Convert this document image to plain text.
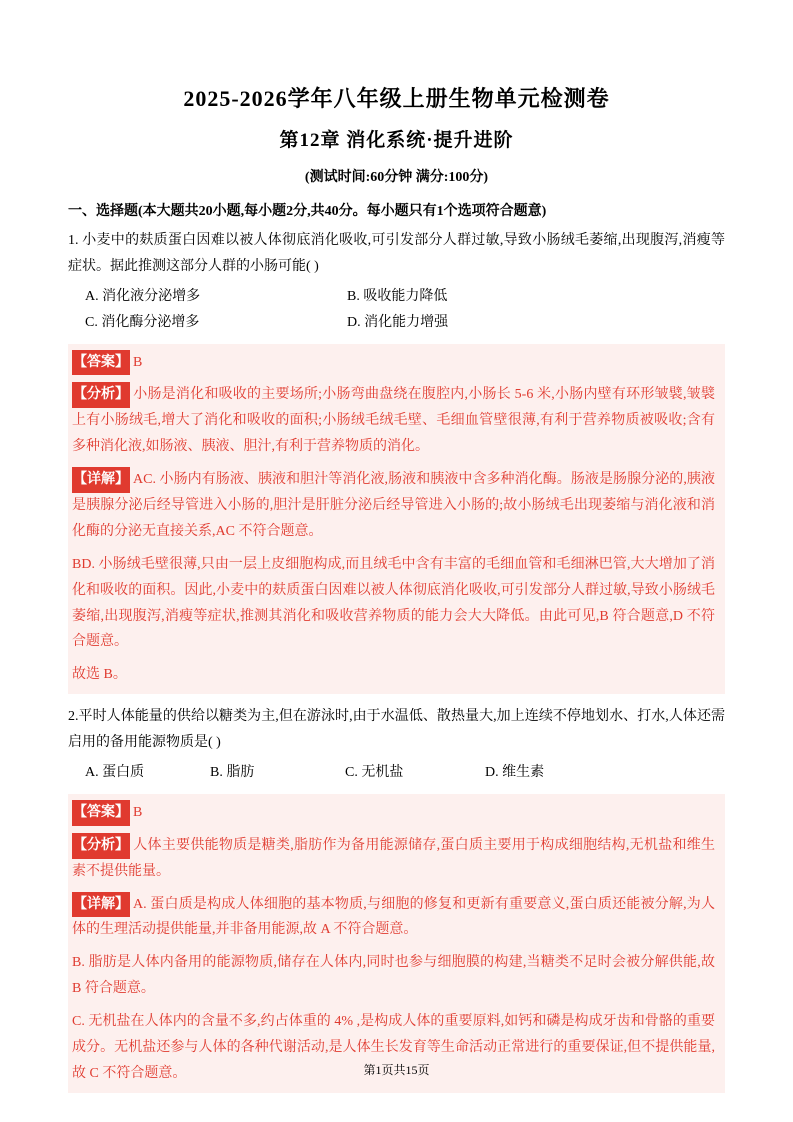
2025-2026学年八年级上册生物单元检测卷
第12章 消化系统·提升进阶
(测试时间:60分钟 满分:100分)
一、选择题(本大题共20小题,每小题2分,共40分。每小题只有1个选项符合题意)

1. 小麦中的麸质蛋白因难以被人体彻底消化吸收,可引发部分人群过敏,导致小肠绒毛萎缩,出现腹泻,消瘦等症状。据此推测这部分人群的小肠可能( )

A. 消化液分泌增多	B. 吸收能力降低
C. 消化酶分泌增多	D. 消化能力增强

【答案】 B

【分析】 小肠是消化和吸收的主要场所;小肠弯曲盘绕在腹腔内,小肠长 5-6 米,小肠内壁有环形皱襞,皱襞上有小肠绒毛,增大了消化和吸收的面积;小肠绒毛绒毛壁、毛细血管壁很薄,有利于营养物质被吸收;含有多种消化液,如肠液、胰液、胆汁,有利于营养物质的消化。

【详解】 AC. 小肠内有肠液、胰液和胆汁等消化液,肠液和胰液中含多种消化酶。肠液是肠腺分泌的,胰液是胰腺分泌后经导管进入小肠的,胆汁是肝脏分泌后经导管进入小肠的;故小肠绒毛出现萎缩与消化液和消化酶的分泌无直接关系,AC 不符合题意。

BD. 小肠绒毛壁很薄,只由一层上皮细胞构成,而且绒毛中含有丰富的毛细血管和毛细淋巴管,大大增加了消化和吸收的面积。因此,小麦中的麸质蛋白因难以被人体彻底消化吸收,可引发部分人群过敏,导致小肠绒毛萎缩,出现腹泻,消瘦等症状,推测其消化和吸收营养物质的能力会大大降低。由此可见,B 符合题意,D 不符合题意。

故选 B。

2.平时人体能量的供给以糖类为主,但在游泳时,由于水温低、散热量大,加上连续不停地划水、打水,人体还需启用的备用能源物质是( )

A. 蛋白质	B. 脂肪	C. 无机盐	D. 维生素

【答案】 B

【分析】 人体主要供能物质是糖类,脂肪作为备用能源储存,蛋白质主要用于构成细胞结构,无机盐和维生素不提供能量。

【详解】 A. 蛋白质是构成人体细胞的基本物质,与细胞的修复和更新有重要意义,蛋白质还能被分解,为人体的生理活动提供能量,并非备用能源,故 A 不符合题意。

B. 脂肪是人体内备用的能源物质,储存在人体内,同时也参与细胞膜的构建,当糖类不足时会被分解供能,故 B 符合题意。

C. 无机盐在人体内的含量不多,约占体重的 4% ,是构成人体的重要原料,如钙和磷是构成牙齿和骨骼的重要成分。无机盐还参与人体的各种代谢活动,是人体生长发育等生命活动正常进行的重要保证,但不提供能量,故 C 不符合题意。	第1页共15页
